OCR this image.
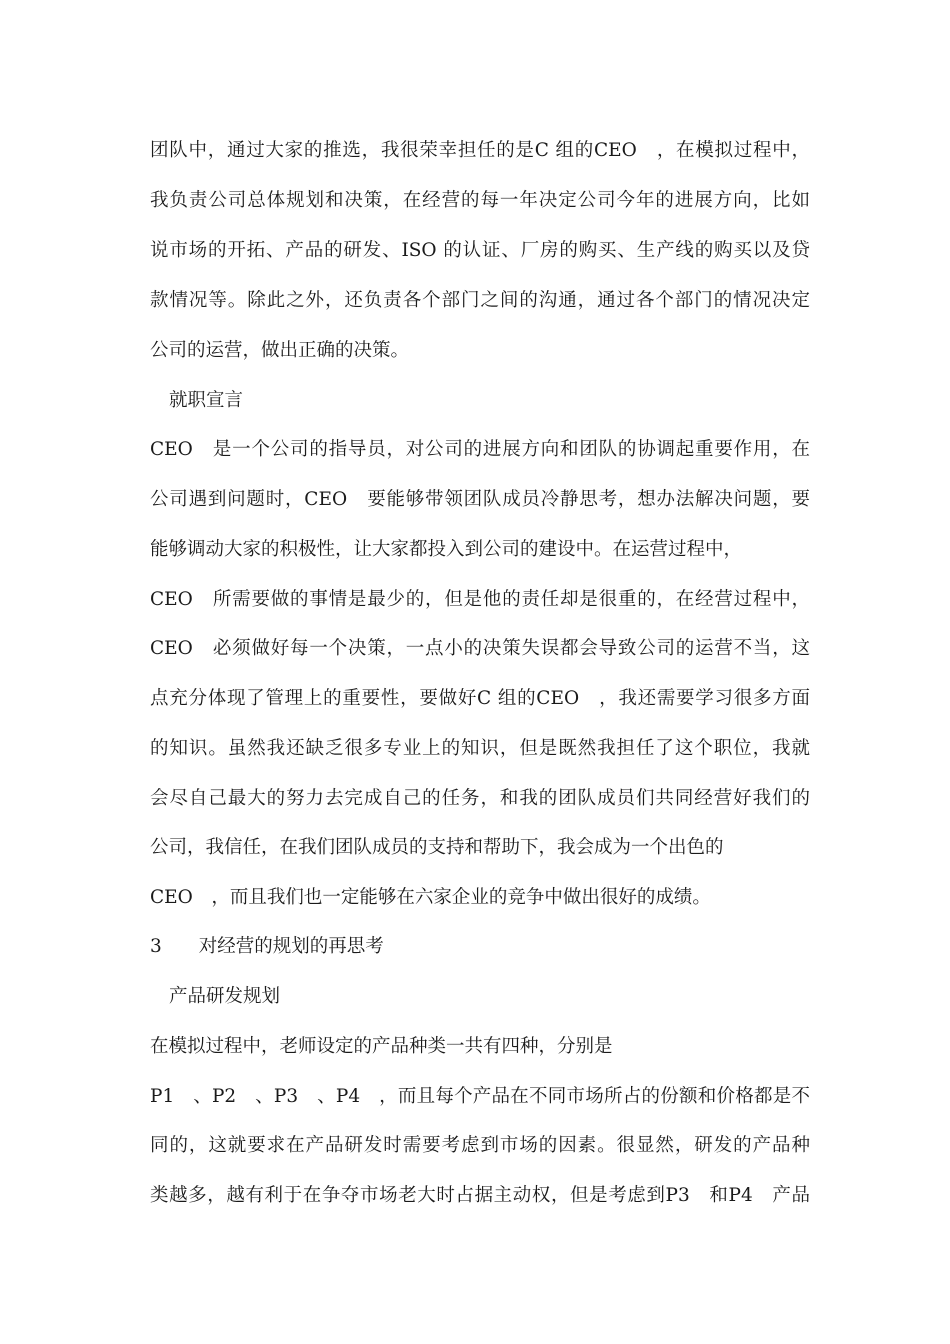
团队中，通过大家的推选，我很荣幸担任的是C 组的CEO　，在模拟过程中，
我负责公司总体规划和决策，在经营的每一年决定公司今年的进展方向，比如
说市场的开拓、产品的研发、ISO 的认证、厂房的购买、生产线的购买以及贷
款情况等。除此之外，还负责各个部门之间的沟通，通过各个部门的情况决定
公司的运营，做出正确的决策。
就职宣言
CEO　是一个公司的指导员，对公司的进展方向和团队的协调起重要作用，在
公司遇到问题时，CEO　要能够带领团队成员冷静思考，想办法解决问题，要
能够调动大家的积极性，让大家都投入到公司的建设中。在运营过程中，
CEO　所需要做的事情是最少的，但是他的责任却是很重的，在经营过程中，
CEO　必须做好每一个决策，一点小的决策失误都会导致公司的运营不当，这
点充分体现了管理上的重要性，要做好C 组的CEO　，我还需要学习很多方面
的知识。虽然我还缺乏很多专业上的知识，但是既然我担任了这个职位，我就
会尽自己最大的努力去完成自己的任务，和我的团队成员们共同经营好我们的
公司，我信任，在我们团队成员的支持和帮助下，我会成为一个出色的
CEO　，而且我们也一定能够在六家企业的竞争中做出很好的成绩。
3　　对经营的规划的再思考
产品研发规划
在模拟过程中，老师设定的产品种类一共有四种，分别是
P1　、P2　、P3　、P4　，而且每个产品在不同市场所占的份额和价格都是不
同的，这就要求在产品研发时需要考虑到市场的因素。很显然，研发的产品种
类越多，越有利于在争夺市场老大时占据主动权，但是考虑到P3　和P4　产品
